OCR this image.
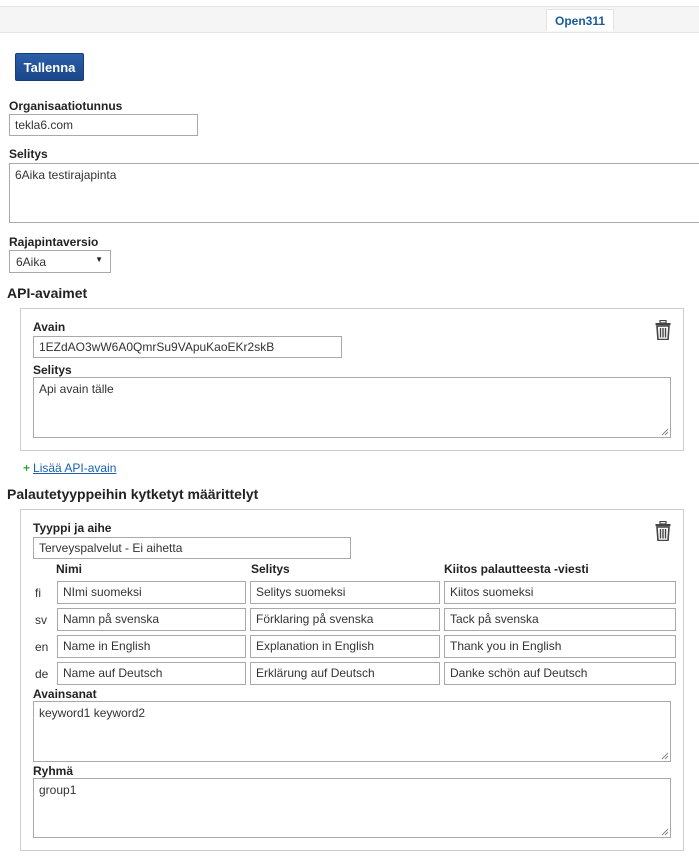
Open311
Tallenna
Organisaatiotunnus
tekla6.com
Selitys
6Aika testirajapinta
Rajapintaversio
6Aika	▼
API-avaimet
Avain
1EZdAO3wW6A0QmrSu9VApuKaoEKr2skB
Selitys
Api avain tälle
+ Lisää API-avain
Palautetyyppeihin kytketyt määrittelyt
Tyyppi ja aihe
Terveyspalvelut - Ei aihetta
Nimi	Selitys	Kiitos palautteesta -viesti
fi	NImi suomeksi	Selitys suomeksi	Kiitos suomeksi
sv	Namn på svenska	Förklaring på svenska	Tack på svenska
en	Name in English	Explanation in English	Thank you in English
de	Name auf Deutsch	Erklärung auf Deutsch	Danke schön auf Deutsch
Avainsanat
keyword1 keyword2
Ryhmä
group1
